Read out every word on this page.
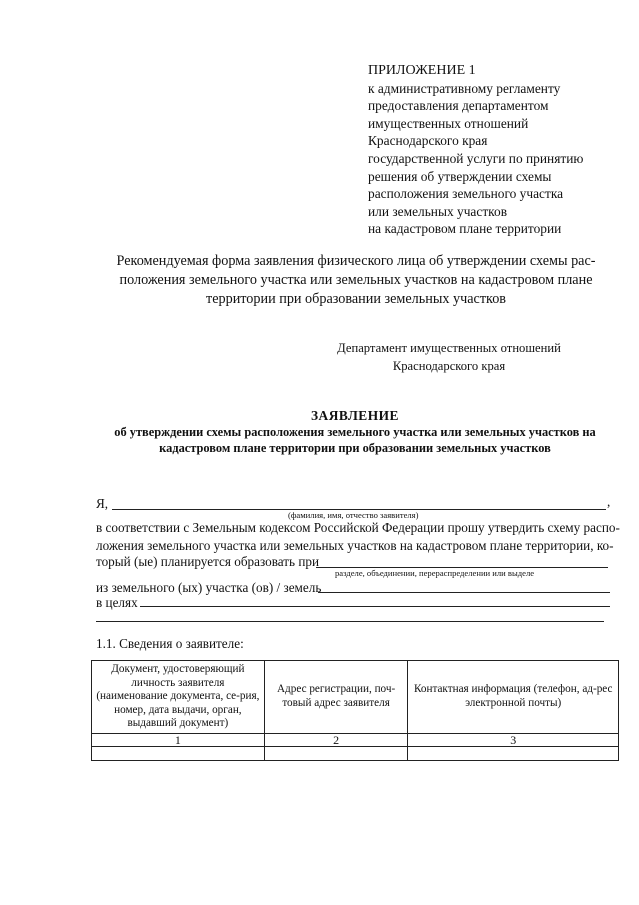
ПРИЛОЖЕНИЕ 1
к административному регламенту
предоставления департаментом
имущественных отношений
Краснодарского края
государственной услуги по принятию
решения об утверждении схемы
расположения земельного участка
или земельных участков
на кадастровом плане территории
Рекомендуемая форма заявления физического лица об утверждении схемы рас-
положения земельного участка или земельных участков на кадастровом плане
территории при образовании земельных участков
Департамент имущественных отношений
Краснодарского края
ЗАЯВЛЕНИЕ
об утверждении схемы расположения земельного участка или земельных участков на
кадастровом плане территории при образовании земельных участков
Я,	,
(фамилия, имя, отчество заявителя)
в соответствии с Земельным кодексом Российской Федерации прошу утвердить схему распо-
ложения земельного участка или земельных участков на кадастровом плане территории, ко-
торый (ые) планируется образовать при
разделе, объединении, перераспределении или выделе
из земельного (ых) участка (ов) / земель
в целях
1.1. Сведения о заявителе:
Документ, удостоверяющий личность заявителя (наименование документа, се-рия, номер, дата выдачи, орган, выдавший документ)	Адрес регистрации, поч-товый адрес заявителя	Контактная информация (телефон, ад-рес электронной почты)
1	2	3
